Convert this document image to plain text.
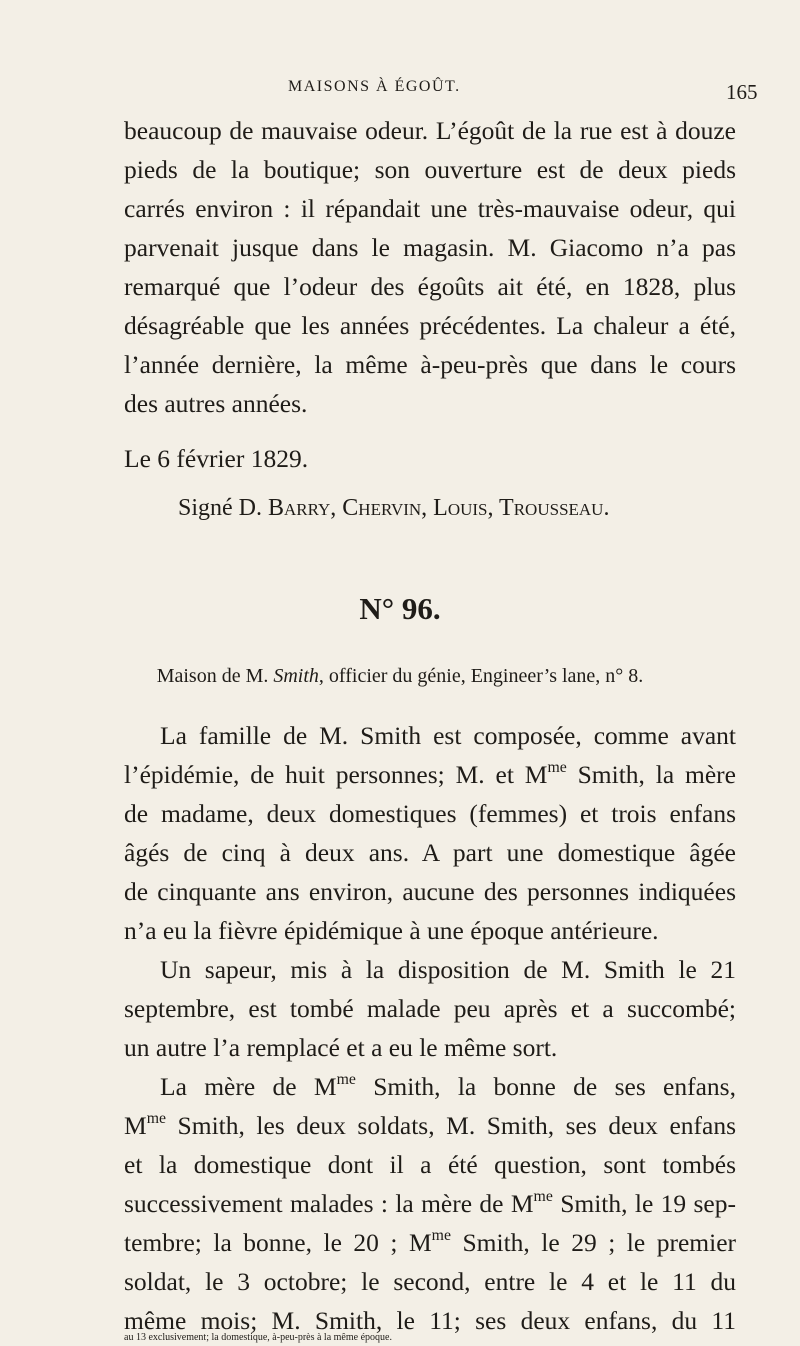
MAISONS À ÉGOÛT.	165
beaucoup de mauvaise odeur. L’égoût de la rue est à douze
pieds de la boutique; son ouverture est de deux pieds
carrés environ : il répandait une très-mauvaise odeur, qui
parvenait jusque dans le magasin. M. Giacomo n’a pas
remarqué que l’odeur des égoûts ait été, en 1828, plus
désagréable que les années précédentes. La chaleur a été,
l’année dernière, la même à-peu-près que dans le cours
des autres années.
Le 6 février 1829.
Signé D. Barry, Chervin, Louis, Trousseau.
N° 96.
Maison de M. Smith, officier du génie, Engineer’s lane, n° 8.
La famille de M. Smith est composée, comme avant
l’épidémie, de huit personnes; M. et $M^{me}$ Smith, la mère
de madame, deux domestiques (femmes) et trois enfans
âgés de cinq à deux ans. A part une domestique âgée
de cinquante ans environ, aucune des personnes indiquées
n’a eu la fièvre épidémique à une époque antérieure.
Un sapeur, mis à la disposition de M. Smith le 21
septembre, est tombé malade peu après et a succombé;
un autre l’a remplacé et a eu le même sort.
La mère de $M^{me}$ Smith, la bonne de ses enfans,
$M^{me}$ Smith, les deux soldats, M. Smith, ses deux enfans
et la domestique dont il a été question, sont tombés
successivement malades : la mère de $M^{me}$ Smith, le 19 sep-
tembre; la bonne, le 20 ; $M^{me}$ Smith, le 29 ; le premier
soldat, le 3 octobre; le second, entre le 4 et le 11 du
même mois; M. Smith, le 11; ses deux enfans, du 11
au 13 exclusivement; la domestique, à-peu-près à la même époque.
